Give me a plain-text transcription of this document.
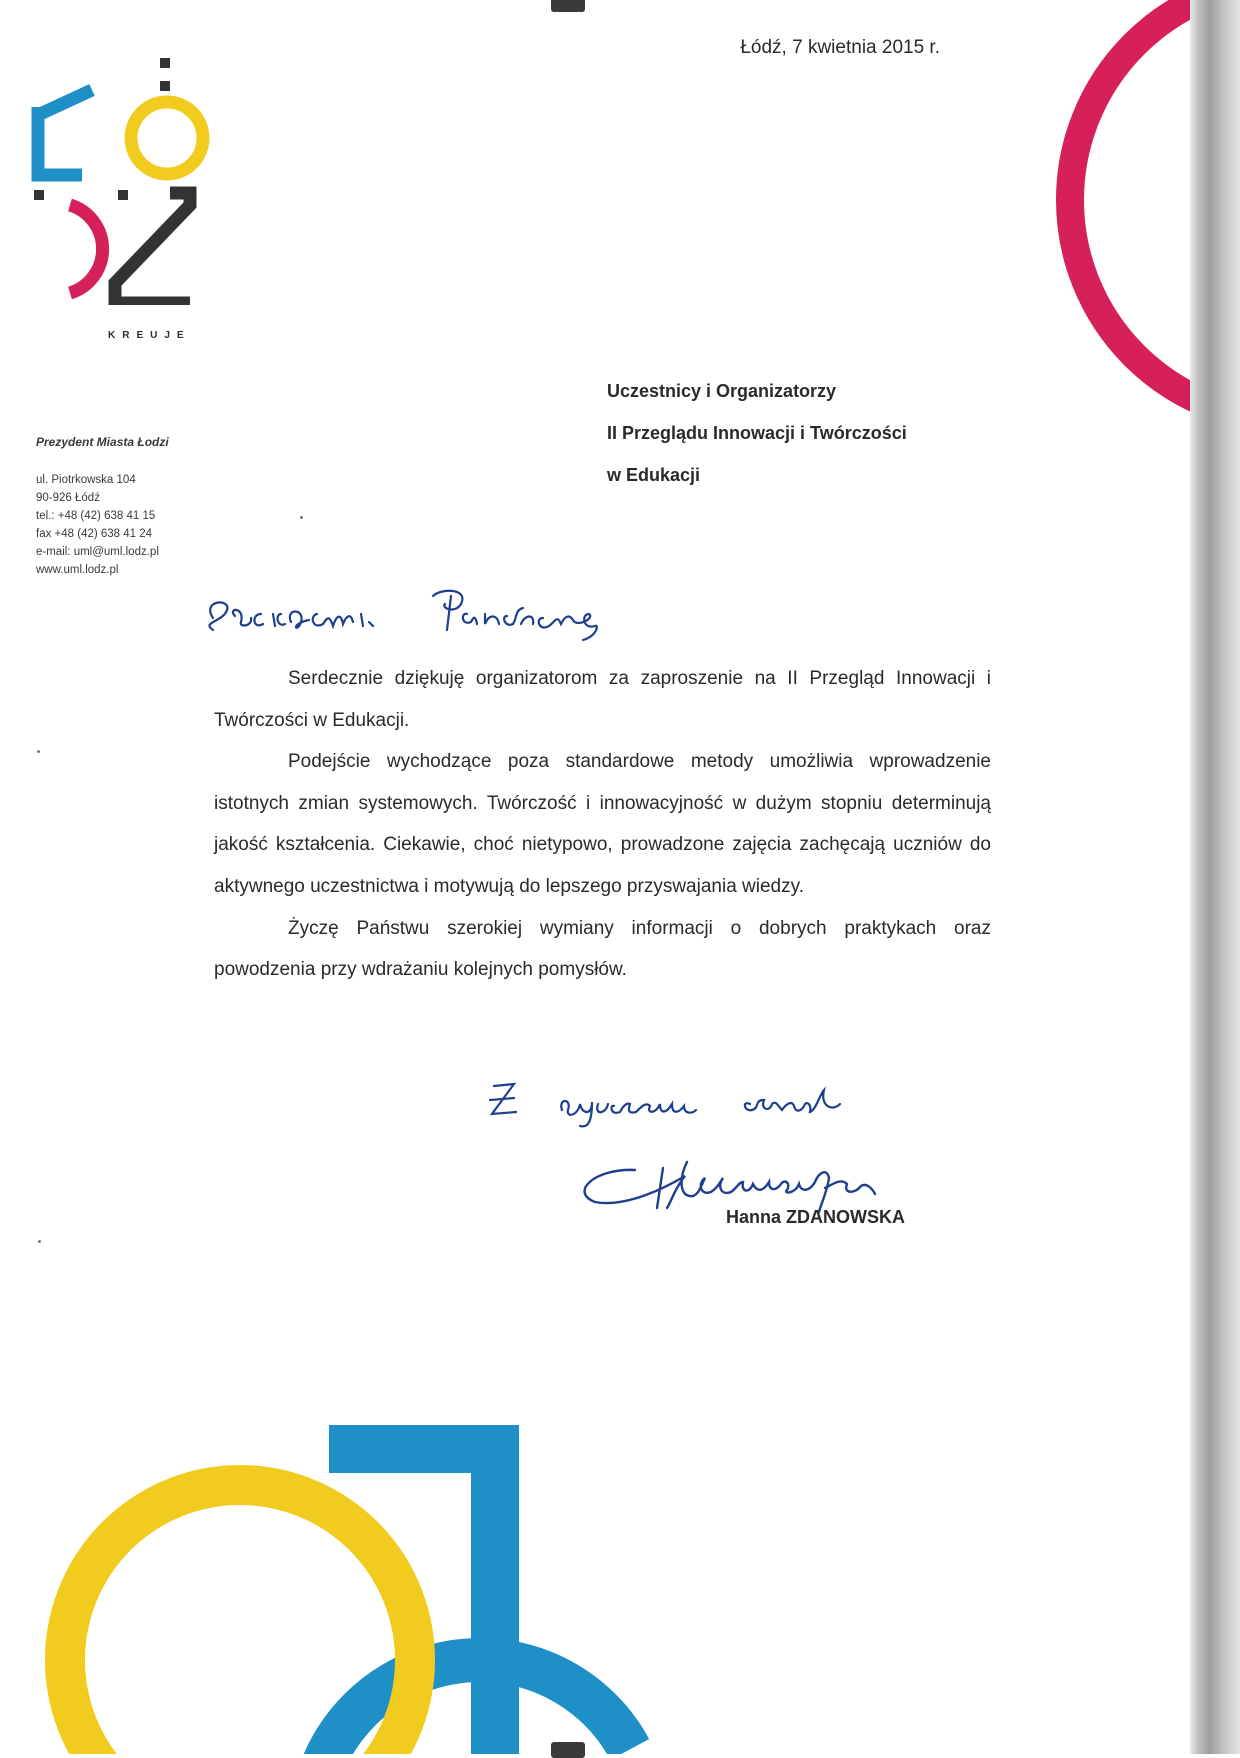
KREUJE
Prezydent Miasta Łodzi
ul. Piotrkowska 104
90-926 Łódź
tel.: +48 (42) 638 41 15
fax +48 (42) 638 41 24
e-mail: uml@uml.lodz.pl
www.uml.lodz.pl
Łódź, 7 kwietnia 2015 r.
Uczestnicy i Organizatorzy
II Przeglądu Innowacji i Twórczości
w Edukacji

Serdecznie dziękuję organizatorom za zaproszenie na II Przegląd Innowacji i Twórczości w Edukacji.

Podejście wychodzące poza standardowe metody umożliwia wprowadzenie istotnych zmian systemowych. Twórczość i innowacyjność w dużym stopniu determinują jakość kształcenia. Ciekawie, choć nietypowo, prowadzone zajęcia zachęcają uczniów do aktywnego uczestnictwa i motywują do lepszego przyswajania wiedzy.

Życzę Państwu szerokiej wymiany informacji o dobrych praktykach oraz powodzenia przy wdrażaniu kolejnych pomysłów.

Hanna ZDANOWSKA
